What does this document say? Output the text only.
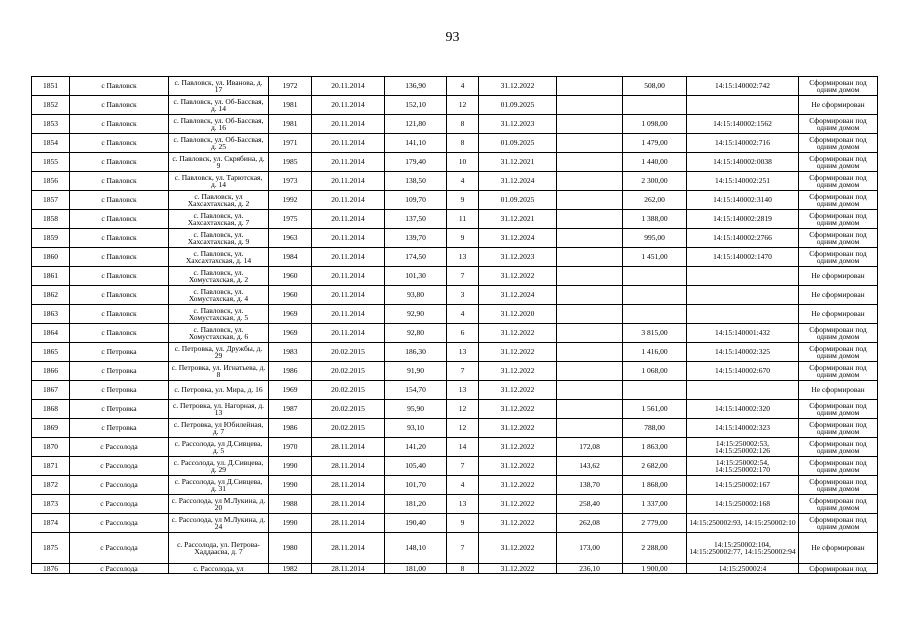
93
1851	с Павловск	с. Павловск, ул. Иванова, д. 17	1972	20.11.2014	136,90	4	31.12.2022		508,00	14:15:140002:742	Сформирован под одним домом
1852	с Павловск	с. Павловск, ул. Об-Бассвая, д. 14	1981	20.11.2014	152,10	12	01.09.2025				Не сформирован
1853	с Павловск	с. Павловск, ул. Об-Бассвая, д. 16	1981	20.11.2014	121,80	8	31.12.2023		1 098,00	14:15:140002:1562	Сформирован под одним домом
1854	с Павловск	с. Павловск, ул. Об-Бассвая, д. 25	1971	20.11.2014	141,10	8	01.09.2025		1 479,00	14:15:140002:716	Сформирован под одним домом
1855	с Павловск	с. Павловск, ул. Скрябина, д. 9	1985	20.11.2014	179,40	10	31.12.2021		1 440,00	14:15:140002:0038	Сформирован под одним домом
1856	с Павловск	с. Павловск, ул. Тарютская, д. 14	1973	20.11.2014	138,50	4	31.12.2024		2 300,00	14:15:140002:251	Сформирован под одним домом
1857	с Павловск	с. Павловск, ул Хахсахтахская, д. 2	1992	20.11.2014	109,70	9	01.09.2025		262,00	14:15:140002:3140	Сформирован под одним домом
1858	с Павловск	с. Павловск, ул. Хахсахтахская, д. 7	1975	20.11.2014	137,50	11	31.12.2021		1 388,00	14:15:140002:2819	Сформирован под одним домом
1859	с Павловск	с. Павловск, ул. Хахсахтахская, д. 9	1963	20.11.2014	139,70	9	31.12.2024		995,00	14:15:140002:2766	Сформирован под одним домом
1860	с Павловск	с. Павловск, ул. Хахсахтахская, д. 14	1984	20.11.2014	174,50	13	31.12.2023		1 451,00	14:15:140002:1470	Сформирован под одним домом
1861	с Павловск	с. Павловск, ул. Хомустахская, д. 2	1960	20.11.2014	101,30	7	31.12.2022				Не сформирован
1862	с Павловск	с. Павловск, ул. Хомустахская, д. 4	1960	20.11.2014	93,80	3	31.12.2024				Не сформирован
1863	с Павловск	с. Павловск, ул. Хомустахская, д. 5	1969	20.11.2014	92,90	4	31.12.2020				Не сформирован
1864	с Павловск	с. Павловск, ул. Хомустахская, д. 6	1969	20.11.2014	92,80	6	31.12.2022		3 815,00	14:15:140001:432	Сформирован под одним домом
1865	с Петровка	с. Петровка, ул. Дружбы, д. 29	1983	20.02.2015	186,30	13	31.12.2022		1 416,00	14:15:140002:325	Сформирован под одним домом
1866	с Петровка	с. Петровка, ул. Игнатьева, д. 8	1986	20.02.2015	91,90	7	31.12.2022		1 068,00	14:15:140002:670	Сформирован под одним домом
1867	с Петровка	с. Петровка, ул. Мира, д. 16	1969	20.02.2015	154,70	13	31.12.2022				Не сформирован
1868	с Петровка	с. Петровка, ул. Нагорная, д. 13	1987	20.02.2015	95,90	12	31.12.2022		1 561,00	14:15:140002:320	Сформирован под одним домом
1869	с Петровка	с. Петровка, ул Юбилейная, д. 7	1986	20.02.2015	93,10	12	31.12.2022		788,00	14:15:140002:323	Сформирован под одним домом
1870	с Рассолода	с. Рассолода, ул Д.Сивцева, д. 5	1970	28.11.2014	141,20	14	31.12.2022	172,08	1 863,00	14:15:250002:53, 14:15:250002:126	Сформирован под одним домом
1871	с Рассолода	с. Рассолода, ул. Д.Сивцева, д. 29	1990	28.11.2014	105,40	7	31.12.2022	143,62	2 682,00	14:15:250002:54, 14:15:250002:170	Сформирован под одним домом
1872	с Рассолода	с. Рассолода, ул Д.Сивцева, д. 31	1990	28.11.2014	101,70	4	31.12.2022	138,70	1 868,00	14:15:250002:167	Сформирован под одним домом
1873	с Рассолода	с. Рассолода, ул М.Лукина, д. 20	1988	28.11.2014	181,20	13	31.12.2022	258,40	1 337,00	14:15:250002:168	Сформирован под одним домом
1874	с Рассолода	с. Рассолода, ул М.Лукина, д. 24	1990	28.11.2014	190,40	9	31.12.2022	262,08	2 779,00	14:15:250002:93, 14:15:250002:10	Сформирован под одним домом
1875	с Рассолода	с. Рассолода, ул. Петрова-Хаддаасва, д. 7	1980	28.11.2014	148,10	7	31.12.2022	173,00	2 288,00	14:15:250002:104, 14:15:250002:77, 14:15:250002:94	Не сформирован
1876	с Рассолода	с. Рассолода, ул	1982	28.11.2014	181,00	8	31.12.2022	236,10	1 900,00	14:15:250002:4	Сформирован под
